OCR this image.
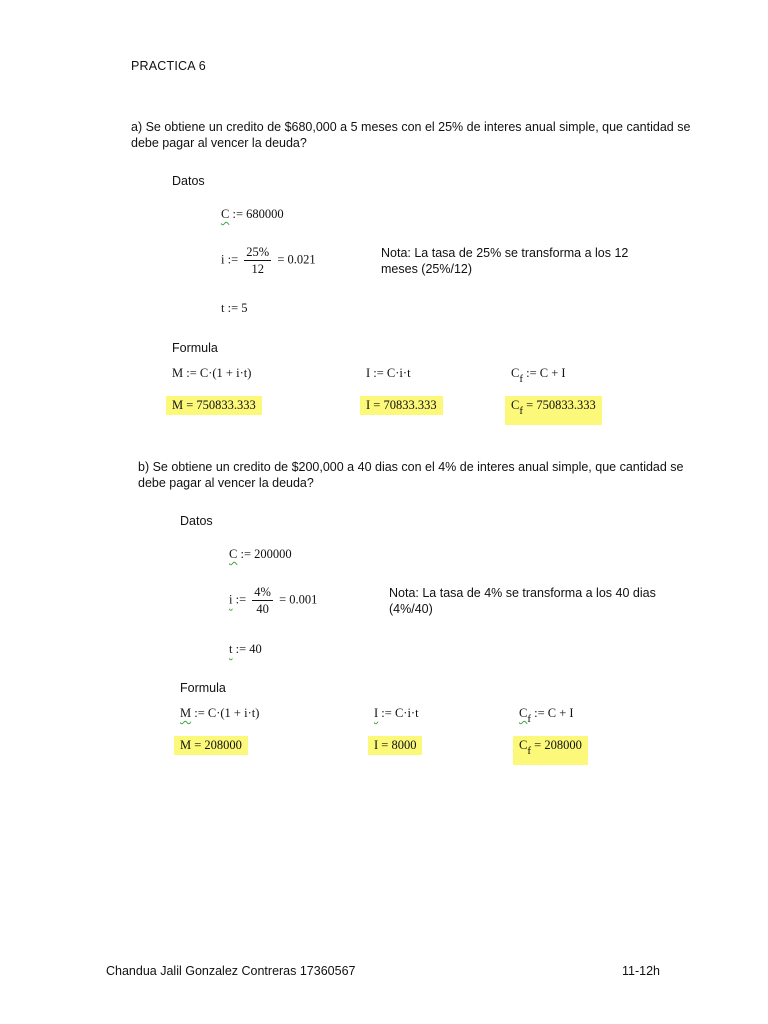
PRACTICA 6
a) Se obtiene un credito de $680,000 a 5 meses con el 25% de interes anual simple, que cantidad se debe pagar al vencer la deuda?
Datos
C := 680000
i := $\frac{25\%}{12} = 0.021$	Nota: La tasa de 25% se transforma a los 12 meses (25%/12)
t := 5
Formula
M := C·(1 + i·t)	I := C·i·t	Cf := C + I
M = 750833.333	I = 70833.333	Cf = 750833.333
b) Se obtiene un credito de $200,000 a 40 dias con el 4% de interes anual simple, que cantidad se debe pagar al vencer la deuda?
Datos
C := 200000
i := $\frac{4\%}{40} = 0.001$	Nota: La tasa de 4% se transforma a los 40 dias (4%/40)
t := 40
Formula
M := C·(1 + i·t)	I := C·i·t	Cf := C + I
M = 208000	I = 8000	Cf = 208000
Chandua Jalil Gonzalez Contreras 17360567	11-12h
